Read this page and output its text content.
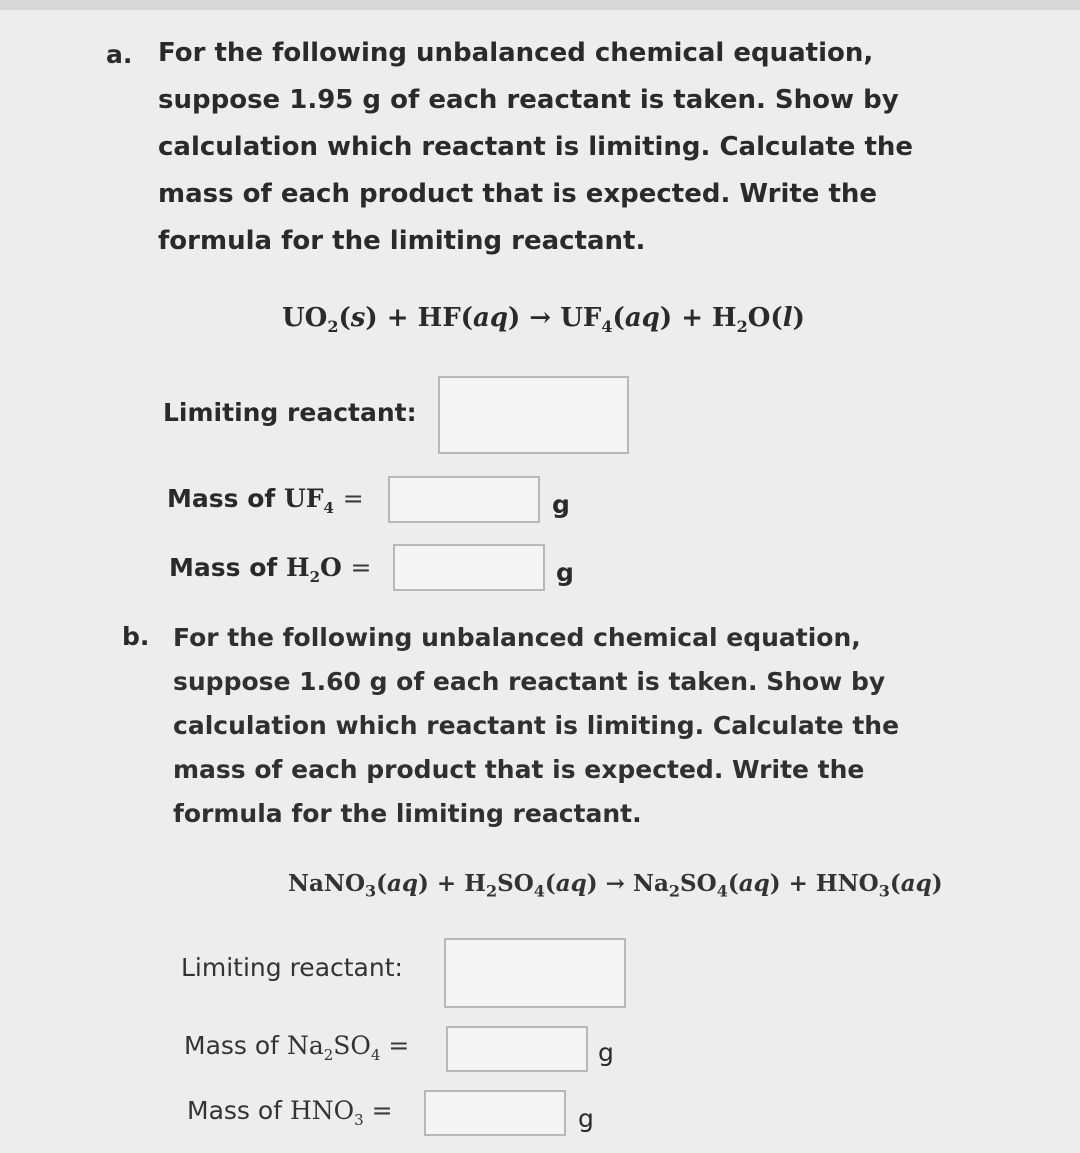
a. For the following unbalanced chemical equation, suppose 1.95 g of each reactant is taken. Show by calculation which reactant is limiting. Calculate the mass of each product that is expected. Write the formula for the limiting reactant.
$UO_2(s) + HF(aq) \to UF_4(aq) + H_2O(l)$
Limiting reactant:
Mass of $UF_4$ =	g
Mass of $H_2O$ =	g
b. For the following unbalanced chemical equation, suppose 1.60 g of each reactant is taken. Show by calculation which reactant is limiting. Calculate the mass of each product that is expected. Write the formula for the limiting reactant.
NaNO$_3$(aq) + $H_2SO_4(aq) \to Na_2SO_4(aq) + HNO_3(aq)$
Limiting reactant:
Mass of $Na_2SO_4$ =	g
Mass of $HNO_3$ =	g
